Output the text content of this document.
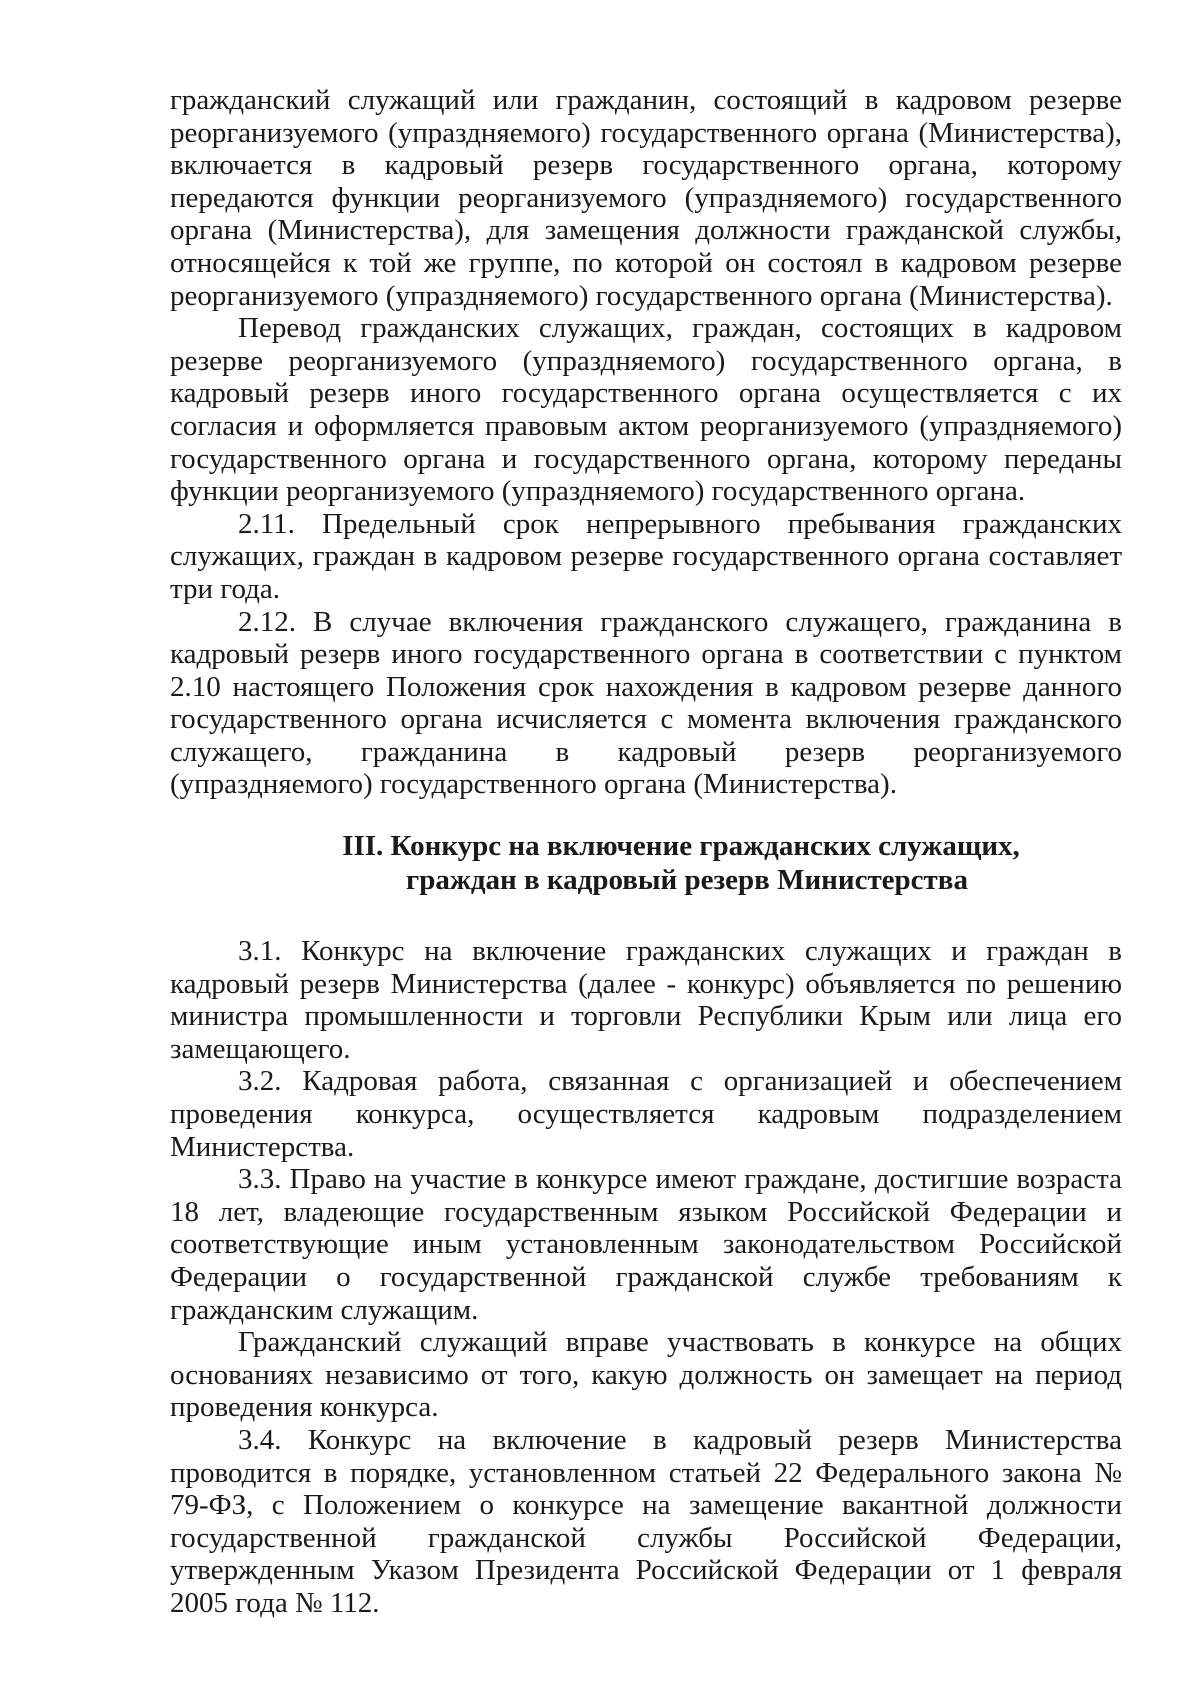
гражданский служащий или гражданин, состоящий в кадровом резерве реорганизуемого (упраздняемого) государственного органа (Министерства), включается в кадровый резерв государственного органа, которому передаются функции реорганизуемого (упраздняемого) государственного органа (Министерства), для замещения должности гражданской службы, относящейся к той же группе, по которой он состоял в кадровом резерве реорганизуемого (упраздняемого) государственного органа (Министерства).

Перевод гражданских служащих, граждан, состоящих в кадровом резерве реорганизуемого (упраздняемого) государственного органа, в кадровый резерв иного государственного органа осуществляется с их согласия и оформляется правовым актом реорганизуемого (упраздняемого) государственного органа и государственного органа, которому переданы функции реорганизуемого (упраздняемого) государственного органа.

2.11. Предельный срок непрерывного пребывания гражданских служащих, граждан в кадровом резерве государственного органа составляет три года.

2.12. В случае включения гражданского служащего, гражданина в кадровый резерв иного государственного органа в соответствии с пунктом 2.10 настоящего Положения срок нахождения в кадровом резерве данного государственного органа исчисляется с момента включения гражданского служащего, гражданина в кадровый резерв реорганизуемого (упраздняемого) государственного органа (Министерства).

III. Конкурс на включение гражданских служащих,
граждан в кадровый резерв Министерства

3.1. Конкурс на включение гражданских служащих и граждан в кадровый резерв Министерства (далее - конкурс) объявляется по решению министра промышленности и торговли Республики Крым или лица его замещающего.

3.2. Кадровая работа, связанная с организацией и обеспечением проведения конкурса, осуществляется кадровым подразделением Министерства.

3.3. Право на участие в конкурсе имеют граждане, достигшие возраста 18 лет, владеющие государственным языком Российской Федерации и соответствующие иным установленным законодательством Российской Федерации о государственной гражданской службе требованиям к гражданским служащим.

Гражданский служащий вправе участвовать в конкурсе на общих основаниях независимо от того, какую должность он замещает на период проведения конкурса.

3.4. Конкурс на включение в кадровый резерв Министерства проводится в порядке, установленном статьей 22 Федерального закона № 79-ФЗ, с Положением о конкурсе на замещение вакантной должности государственной гражданской службы Российской Федерации, утвержденным Указом Президента Российской Федерации от 1 февраля 2005 года № 112.
